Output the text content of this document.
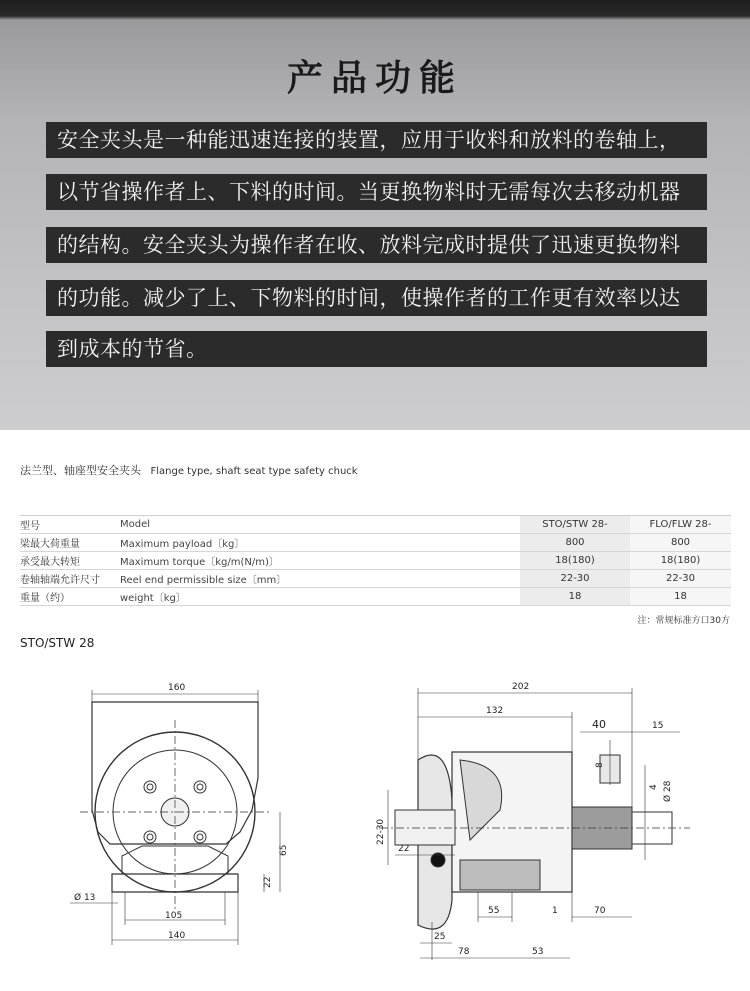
产品功能
安全夹头是一种能迅速连接的装置，应用于收料和放料的卷轴上，
以节省操作者上、下料的时间。当更换物料时无需每次去移动机器
的结构。安全夹头为操作者在收、放料完成时提供了迅速更换物料
的功能。减少了上、下物料的时间，使操作者的工作更有效率以达
到成本的节省。
法兰型、轴座型安全夹头 Flange type, shaft seat type safety chuck
型号	Model	STO/STW 28-	FLO/FLW 28-
梁最大荷重量	Maximum payload〔kg〕	800	800
承受最大转矩	Maximum torque〔kg/m(N/m)〕	18(180)	18(180)
卷轴轴端允许尺寸	Reel end permissible size〔mm〕	22-30	22-30
重量（约）	weight〔kg〕	18	18
注：常规标准方口30方
STO/STW 28
160
65
22
Ø 13
105
140
202
132
40	15
8
Ø 28
4
22-30
22
55	1	70
25
78	53
